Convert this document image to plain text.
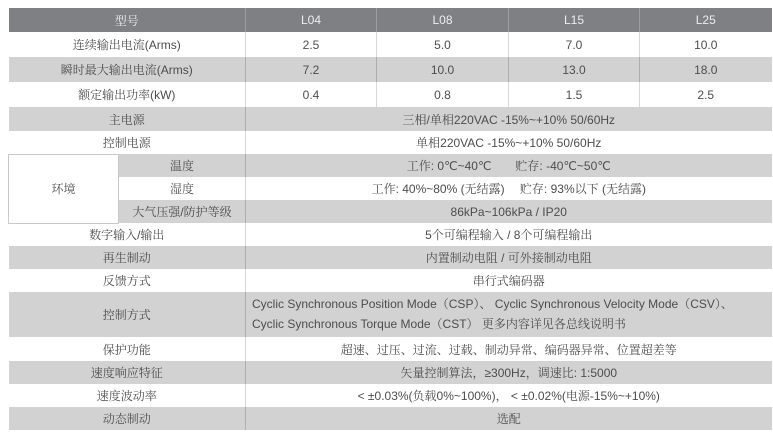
型号		L04	L08	L15	L25
连续输出电流(Arms)		2.5	5.0	7.0	10.0
瞬时最大输出电流(Arms)		7.2	10.0	13.0	18.0
额定输出功率(kW)		0.4	0.8	1.5	2.5
主电源		三相/单相220VAC -15%~+10% 50/60Hz			
控制电源		单相220VAC -15%~+10% 50/60Hz			
环境	温度	工作: 0℃~40℃　　贮存: -40℃~50℃			
	湿度	工作: 40%~80% (无结露)　 贮存: 93%以下 (无结露)			
	大气压强/防护等级	86kPa~106kPa / IP20			
数字输入/输出		5个可编程输入 / 8个可编程输出			
再生制动		内置制动电阻 / 可外接制动电阻			
反馈方式		串行式编码器			
控制方式		Cyclic Synchronous Position Mode（CSP）、 Cyclic Synchronous Velocity Mode（CSV）、 Cyclic Synchronous Torque Mode（CST） 更多内容详见各总线说明书			
保护功能		超速、过压、过流、过载、制动异常、编码器异常、位置超差等			
速度响应特征		矢量控制算法，≥300Hz，调速比: 1:5000			
速度波动率		< ±0.03%(负载0%~100%)， < ±0.02%(电源-15%~+10%)			
动态制动		选配			
